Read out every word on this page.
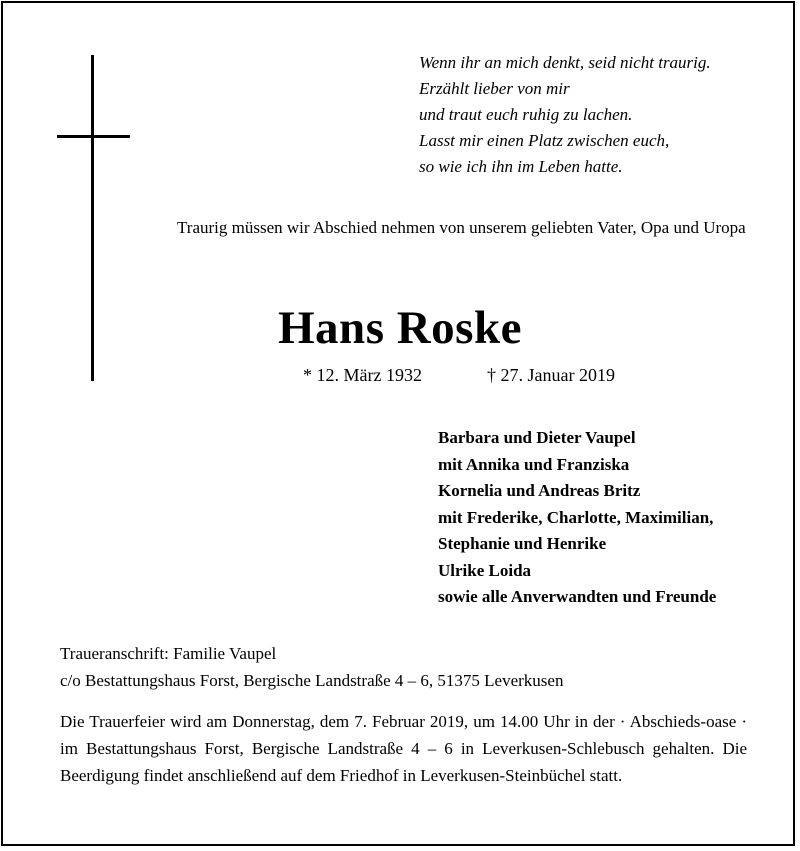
Wenn ihr an mich denkt, seid nicht traurig.
Erzählt lieber von mir
und traut euch ruhig zu lachen.
Lasst mir einen Platz zwischen euch,
so wie ich ihn im Leben hatte.
Traurig müssen wir Abschied nehmen von unserem geliebten Vater, Opa und Uropa
Hans Roske
* 12. März 1932	† 27. Januar 2019
Barbara und Dieter Vaupel
mit Annika und Franziska
Kornelia und Andreas Britz
mit Frederike, Charlotte, Maximilian,
Stephanie und Henrike
Ulrike Loida
sowie alle Anverwandten und Freunde
Traueranschrift: Familie Vaupel
c/o Bestattungshaus Forst, Bergische Landstraße 4 – 6, 51375 Leverkusen
Die Trauerfeier wird am Donnerstag, dem 7. Februar 2019, um 14.00 Uhr in der · Abschieds-oase · im Bestattungshaus Forst, Bergische Landstraße 4 – 6 in Leverkusen-Schlebusch gehalten. Die Beerdigung findet anschließend auf dem Friedhof in Leverkusen-Steinbüchel statt.
